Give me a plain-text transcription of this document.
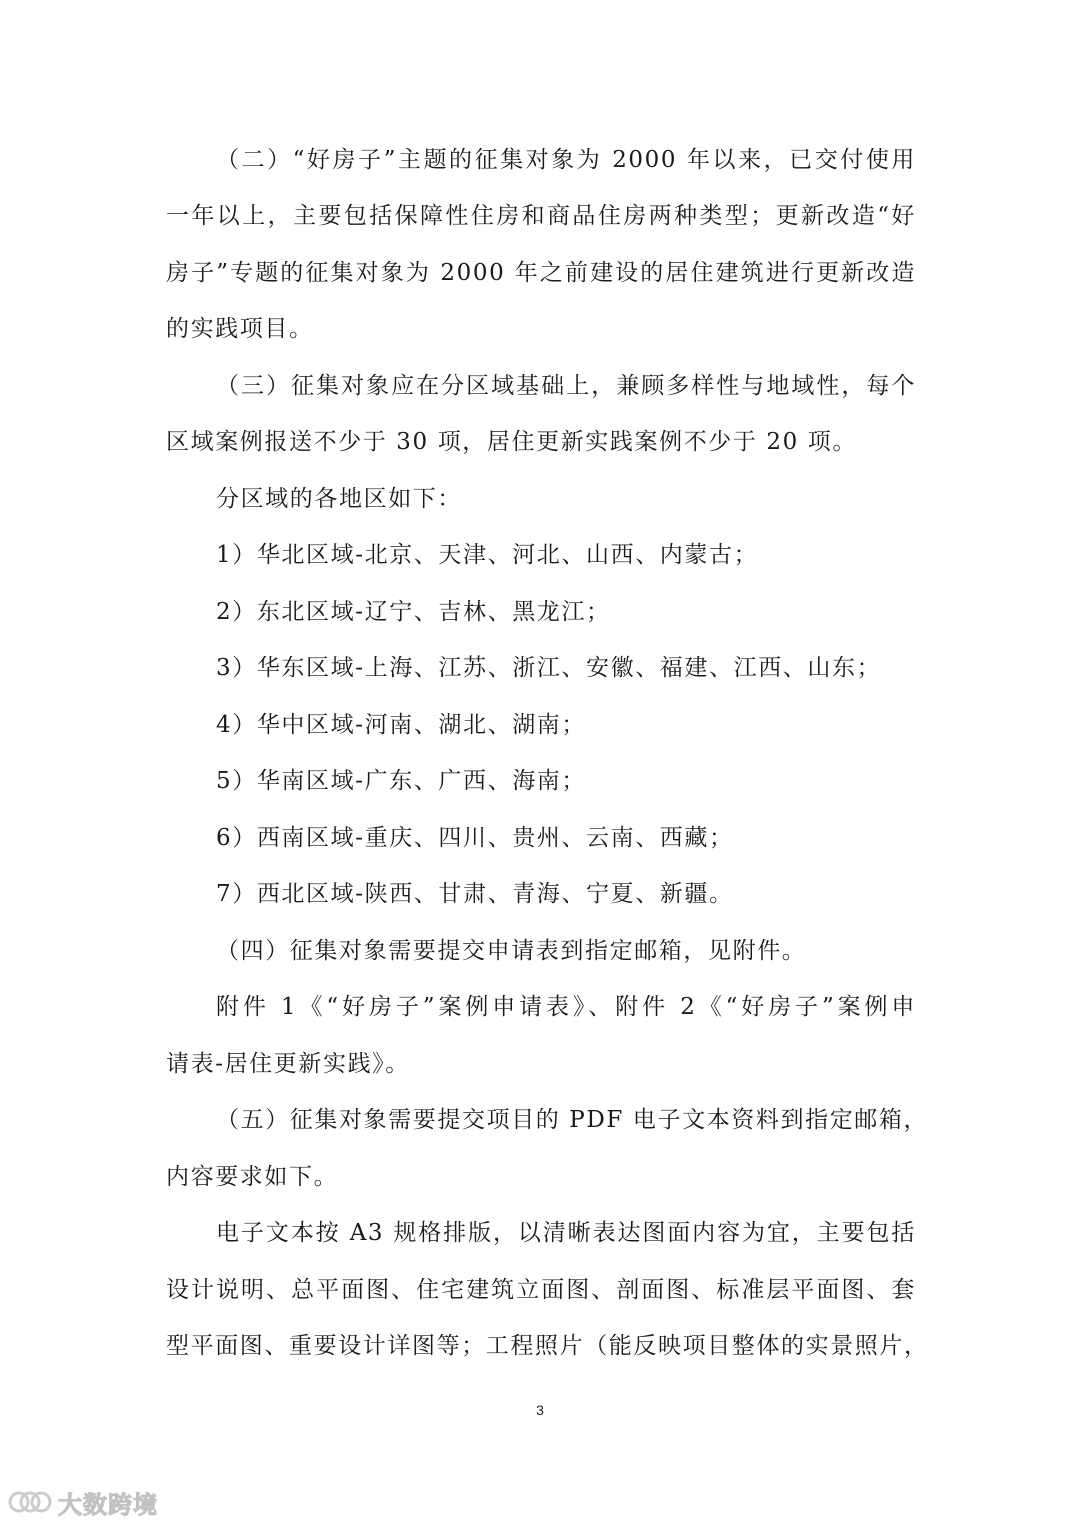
（二）“好房子”主题的征集对象为 2000 年以来，已交付使用
一年以上，主要包括保障性住房和商品住房两种类型；更新改造“好
房子”专题的征集对象为 2000 年之前建设的居住建筑进行更新改造
的实践项目。
（三）征集对象应在分区域基础上，兼顾多样性与地域性，每个
区域案例报送不少于 30 项，居住更新实践案例不少于 20 项。
分区域的各地区如下：
1）华北区域-北京、天津、河北、山西、内蒙古；
2）东北区域-辽宁、吉林、黑龙江；
3）华东区域-上海、江苏、浙江、安徽、福建、江西、山东；
4）华中区域-河南、湖北、湖南；
5）华南区域-广东、广西、海南；
6）西南区域-重庆、四川、贵州、云南、西藏；
7）西北区域-陕西、甘肃、青海、宁夏、新疆。
（四）征集对象需要提交申请表到指定邮箱，见附件。
附件 1《“好房子”案例申请表》、附件 2《“好房子”案例申
请表-居住更新实践》。
（五）征集对象需要提交项目的 PDF 电子文本资料到指定邮箱，
内容要求如下。
电子文本按 A3 规格排版，以清晰表达图面内容为宜，主要包括
设计说明、总平面图、住宅建筑立面图、剖面图、标准层平面图、套
型平面图、重要设计详图等；工程照片（能反映项目整体的实景照片，
3
大数跨境
